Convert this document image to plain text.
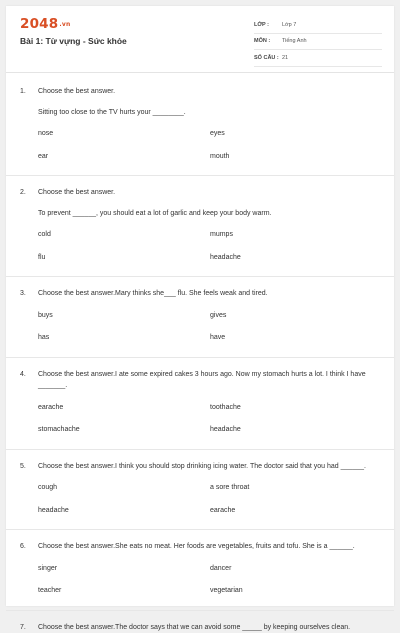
$2048^{.vn}$
Bài 1: Từ vựng - Sức khỏe
LỚP :	Lớp 7
MÔN :	Tiếng Anh
SỐ CÂU : 21
1. Choose the best answer.
Sitting too close to the TV hurts your ________.
nose	eyes
ear	mouth
2. Choose the best answer.
To prevent ______, you should eat a lot of garlic and keep your body warm.
cold	mumps
flu	headache
3. Choose the best answer.Mary thinks she___ flu. She feels weak and tired.
buys	gives
has	have
4. Choose the best answer.I ate some expired cakes 3 hours ago. Now my stomach hurts a lot. I think I have _______.
earache	toothache
stomachache	headache
5. Choose the best answer.I think you should stop drinking icing water. The doctor said that you had ______.
cough	a sore throat
headache	earache
6. Choose the best answer.She eats no meat. Her foods are vegetables, fruits and tofu. She is a ______.
singer	dancer
teacher	vegetarian
7. Choose the best answer.The doctor says that we can avoid some _____ by keeping ourselves clean.
